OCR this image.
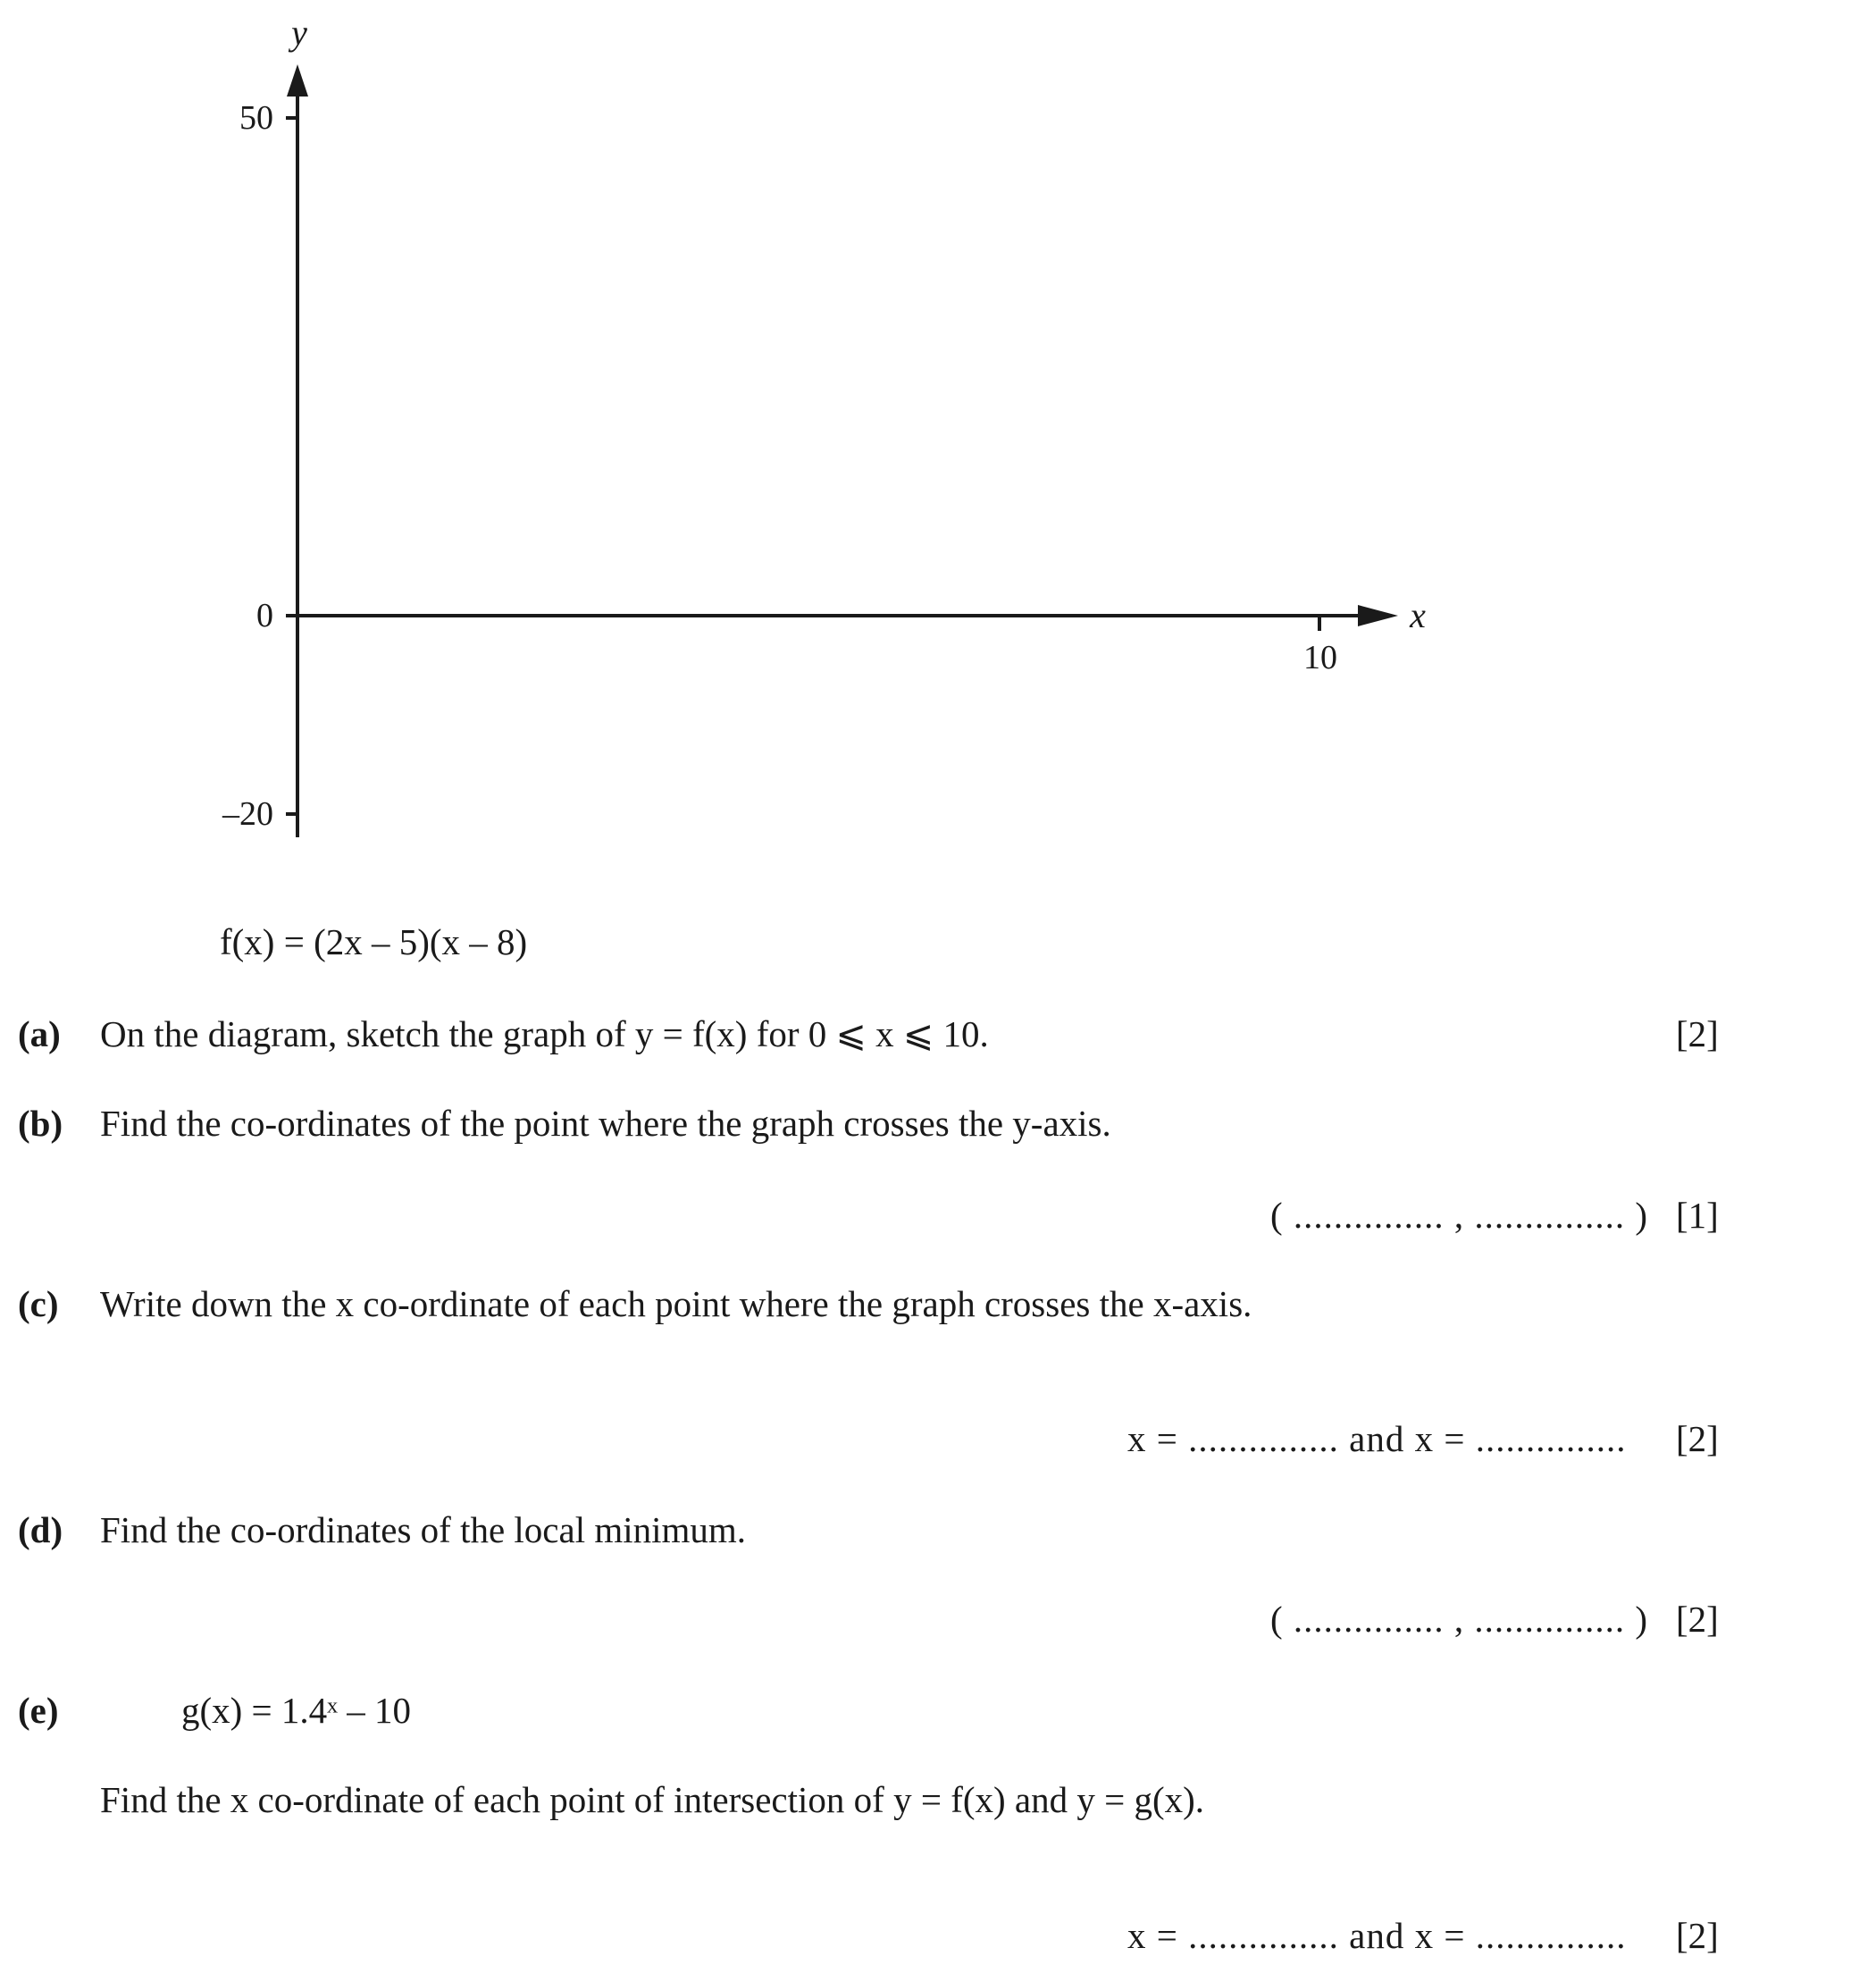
y
50
0
–20
x
10
f(x) = (2x – 5)(x – 8)
(a) On the diagram, sketch the graph of y = f(x) for 0 ⩽ x ⩽ 10.	[2]
(b) Find the co-ordinates of the point where the graph crosses the y-axis.
( ............... , ............... ) [1]
(c) Write down the x co-ordinate of each point where the graph crosses the x-axis.
x = ............... and x = ............... [2]
(d) Find the co-ordinates of the local minimum.
( ............... , ............... ) [2]
(e)	g(x) = 1.4ˣ – 10
Find the x co-ordinate of each point of intersection of y = f(x) and y = g(x).
x = ............... and x = ............... [2]
